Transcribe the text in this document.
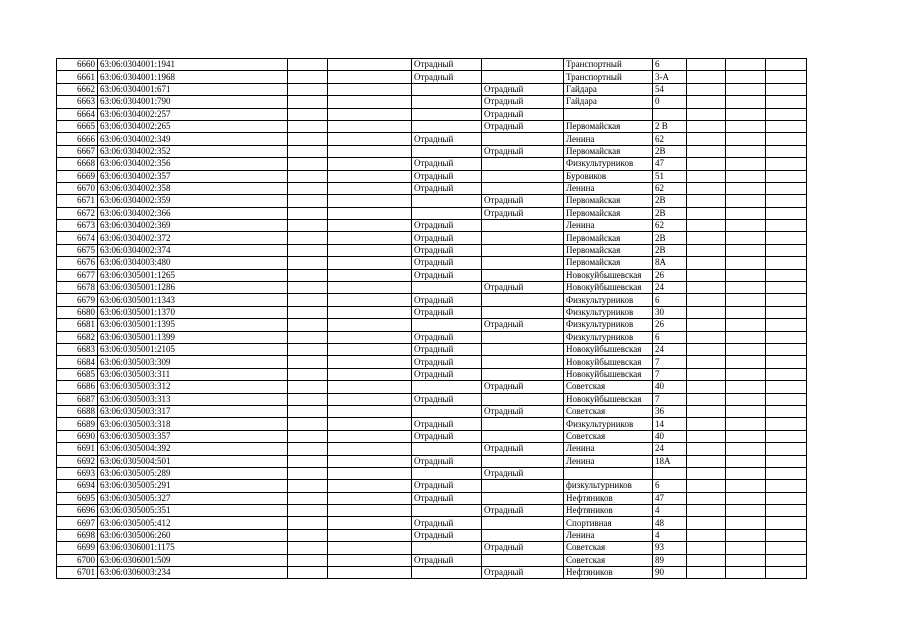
6660	63:06:0304001:1941			Отрадный		Транспортный	6			
6661	63:06:0304001:1968			Отрадный		Транспортный	3-А			
6662	63:06:0304001:671				Отрадный	Гайдара	54			
6663	63:06:0304001:790				Отрадный	Гайдара	0			
6664	63:06:0304002:257				Отрадный					
6665	63:06:0304002:265				Отрадный	Первомайская	2 В			
6666	63:06:0304002:349			Отрадный		Ленина	62			
6667	63:06:0304002:352				Отрадный	Первомайская	2В			
6668	63:06:0304002:356			Отрадный		Физкультурников	47			
6669	63:06:0304002:357			Отрадный		Буровиков	51			
6670	63:06:0304002:358			Отрадный		Ленина	62			
6671	63:06:0304002:359				Отрадный	Первомайская	2В			
6672	63:06:0304002:366				Отрадный	Первомайская	2В			
6673	63:06:0304002:369			Отрадный		Ленина	62			
6674	63:06:0304002:372			Отрадный		Первомайская	2В			
6675	63:06:0304002:374			Отрадный		Первомайская	2В			
6676	63:06:0304003:480			Отрадный		Первомайская	8А			
6677	63:06:0305001:1265			Отрадный		Новокуйбышевская	26			
6678	63:06:0305001:1286				Отрадный	Новокуйбышевская	24			
6679	63:06:0305001:1343			Отрадный		Физкультурников	6			
6680	63:06:0305001:1370			Отрадный		Физкультурников	30			
6681	63:06:0305001:1395				Отрадный	Физкультурников	26			
6682	63:06:0305001:1399			Отрадный		Физкультурников	6			
6683	63:06:0305001:2105			Отрадный		Новокуйбышевская	24			
6684	63:06:0305003:309			Отрадный		Новокуйбышевская	7			
6685	63:06:0305003:311			Отрадный		Новокуйбышевская	7			
6686	63:06:0305003:312				Отрадный	Советская	40			
6687	63:06:0305003:313			Отрадный		Новокуйбышевская	7			
6688	63:06:0305003:317				Отрадный	Советская	36			
6689	63:06:0305003:318			Отрадный		Физкультурников	14			
6690	63:06:0305003:357			Отрадный		Советская	40			
6691	63:06:0305004:392				Отрадный	Ленина	24			
6692	63:06:0305004:501			Отрадный		Ленина	18А			
6693	63:06:0305005:289				Отрадный					
6694	63:06:0305005:291			Отрадный		физкультурников	6			
6695	63:06:0305005:327			Отрадный		Нефтяников	47			
6696	63:06:0305005:351				Отрадный	Нефтяников	4			
6697	63:06:0305005:412			Отрадный		Спортивная	48			
6698	63:06:0305006:260			Отрадный		Ленина	4			
6699	63:06:0306001:1175				Отрадный	Советская	93			
6700	63:06:0306001:509			Отрадный		Советская	89			
6701	63:06:0306003:234				Отрадный	Нефтяников	90			
